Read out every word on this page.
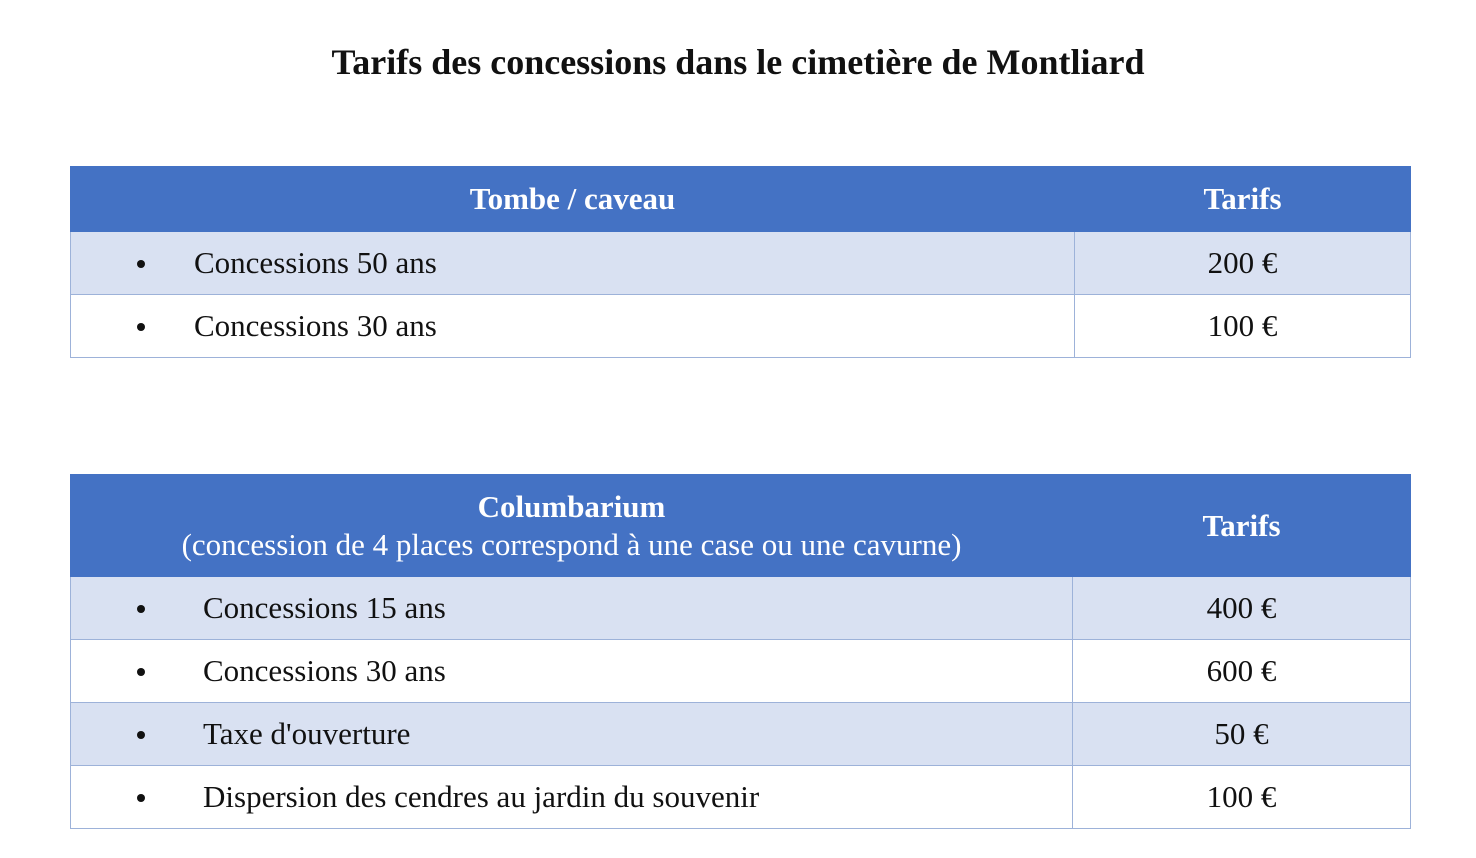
Tarifs des concessions dans le cimetière de Montliard
Tombe / caveau	Tarifs

Concessions 50 ans	200 €

Concessions 30 ans	100 €
Columbarium
(concession de 4 places correspond à une case ou une cavurne)	Tarifs

Concessions 15 ans	400 €

Concessions 30 ans	600 €

Taxe d'ouverture	50 €

Dispersion des cendres au jardin du souvenir	100 €
